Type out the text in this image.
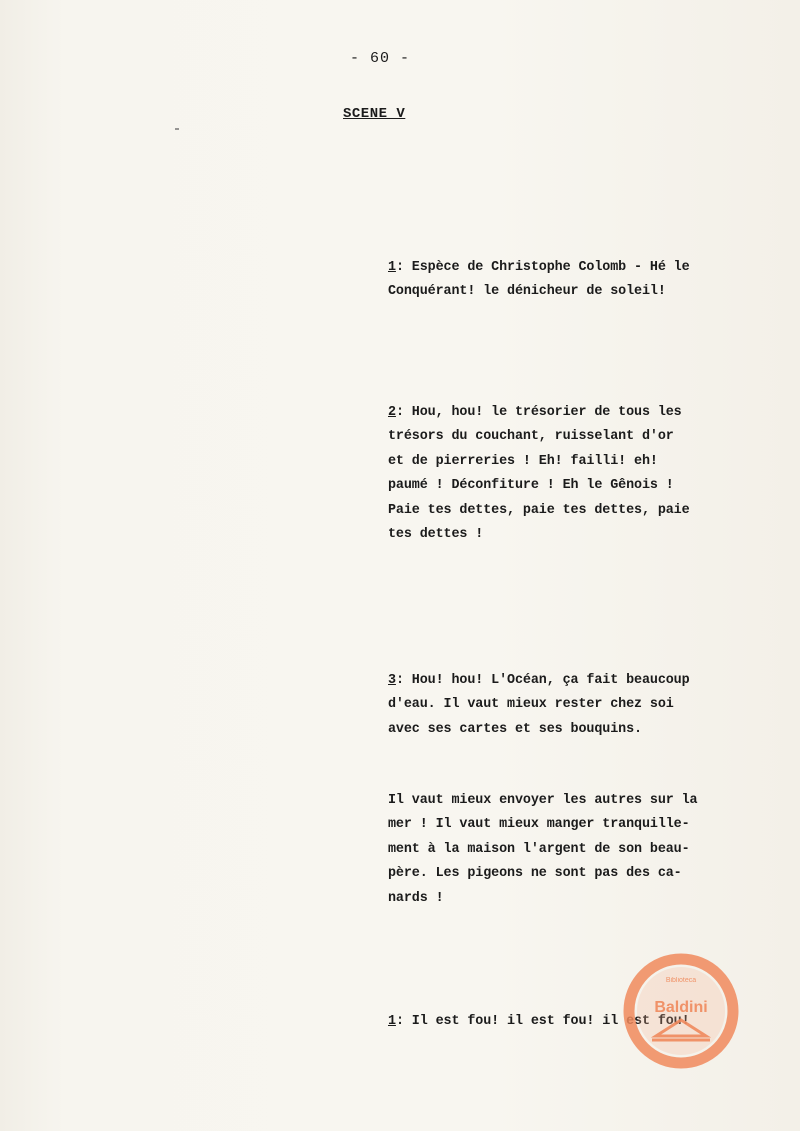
- 60 -
SCENE V

1: Espèce de Christophe Colomb - Hé le
Conquérant! le dénicheur de soleil!

2: Hou, hou! le trésorier de tous les
trésors du couchant, ruisselant d'or
et de pierreries ! Eh! failli! eh!
paumé ! Déconfiture ! Eh le Gênois !
Paie tes dettes, paie tes dettes, paie
tes dettes !

3: Hou! hou! L'Océan, ça fait beaucoup
d'eau. Il vaut mieux rester chez soi
avec ses cartes et ses bouquins.

Il vaut mieux envoyer les autres sur la
mer ! Il vaut mieux manger tranquille-
ment à la maison l'argent de son beau-
père. Les pigeons ne sont pas des ca-
nards !

1: Il est fou! il est fou! il est fou!

Biblioteca
Baldini
